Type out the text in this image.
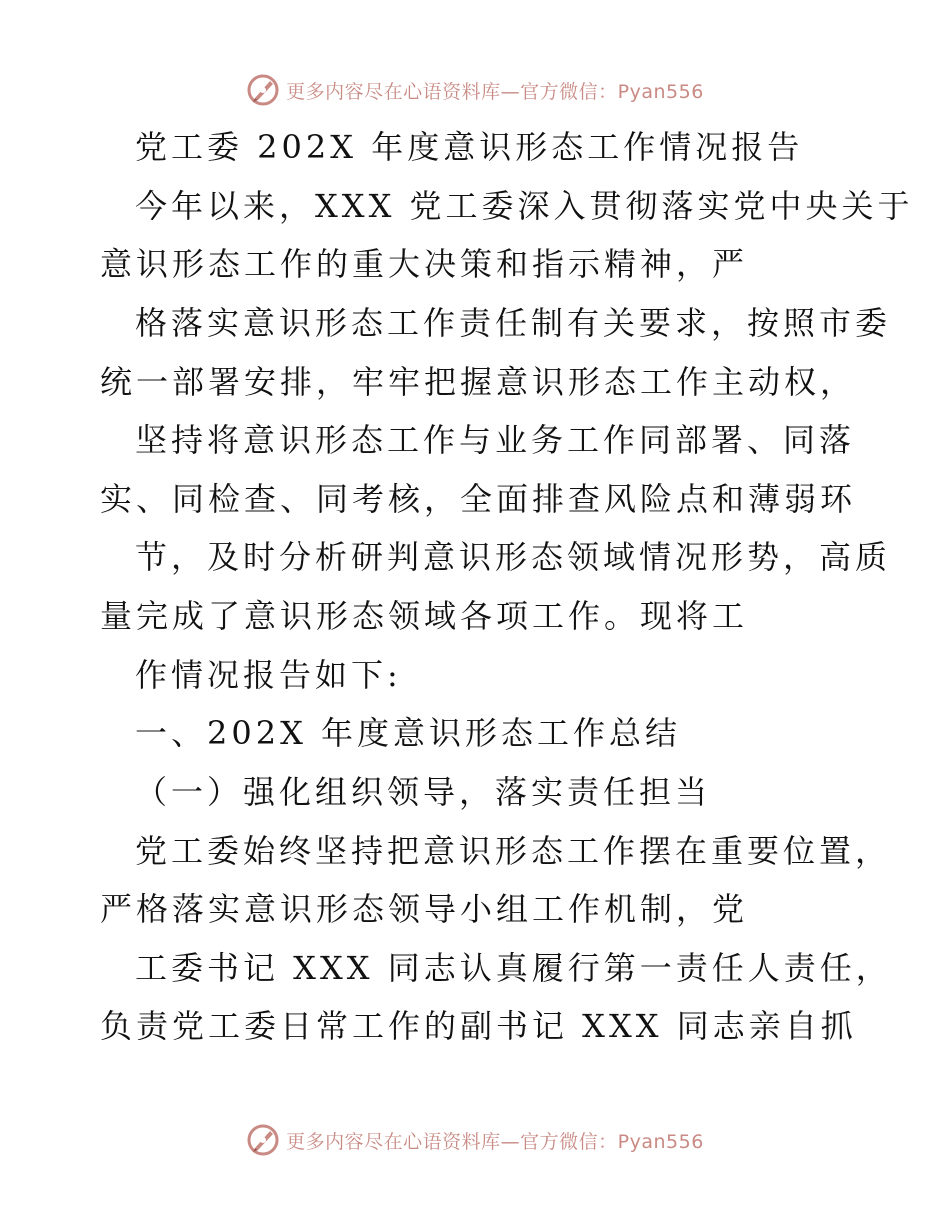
更多内容尽在心语资料库—官方微信：Pyan556
党工委 202X 年度意识形态工作情况报告
今年以来，XXX 党工委深入贯彻落实党中央关于
意识形态工作的重大决策和指示精神，严
格落实意识形态工作责任制有关要求，按照市委
统一部署安排，牢牢把握意识形态工作主动权，
坚持将意识形态工作与业务工作同部署、同落
实、同检查、同考核，全面排查风险点和薄弱环
节，及时分析研判意识形态领域情况形势，高质
量完成了意识形态领域各项工作。现将工
作情况报告如下:
一、202X 年度意识形态工作总结
（一）强化组织领导，落实责任担当
党工委始终坚持把意识形态工作摆在重要位置，
严格落实意识形态领导小组工作机制，党
工委书记 XXX 同志认真履行第一责任人责任，
负责党工委日常工作的副书记 XXX 同志亲自抓
更多内容尽在心语资料库—官方微信：Pyan556
